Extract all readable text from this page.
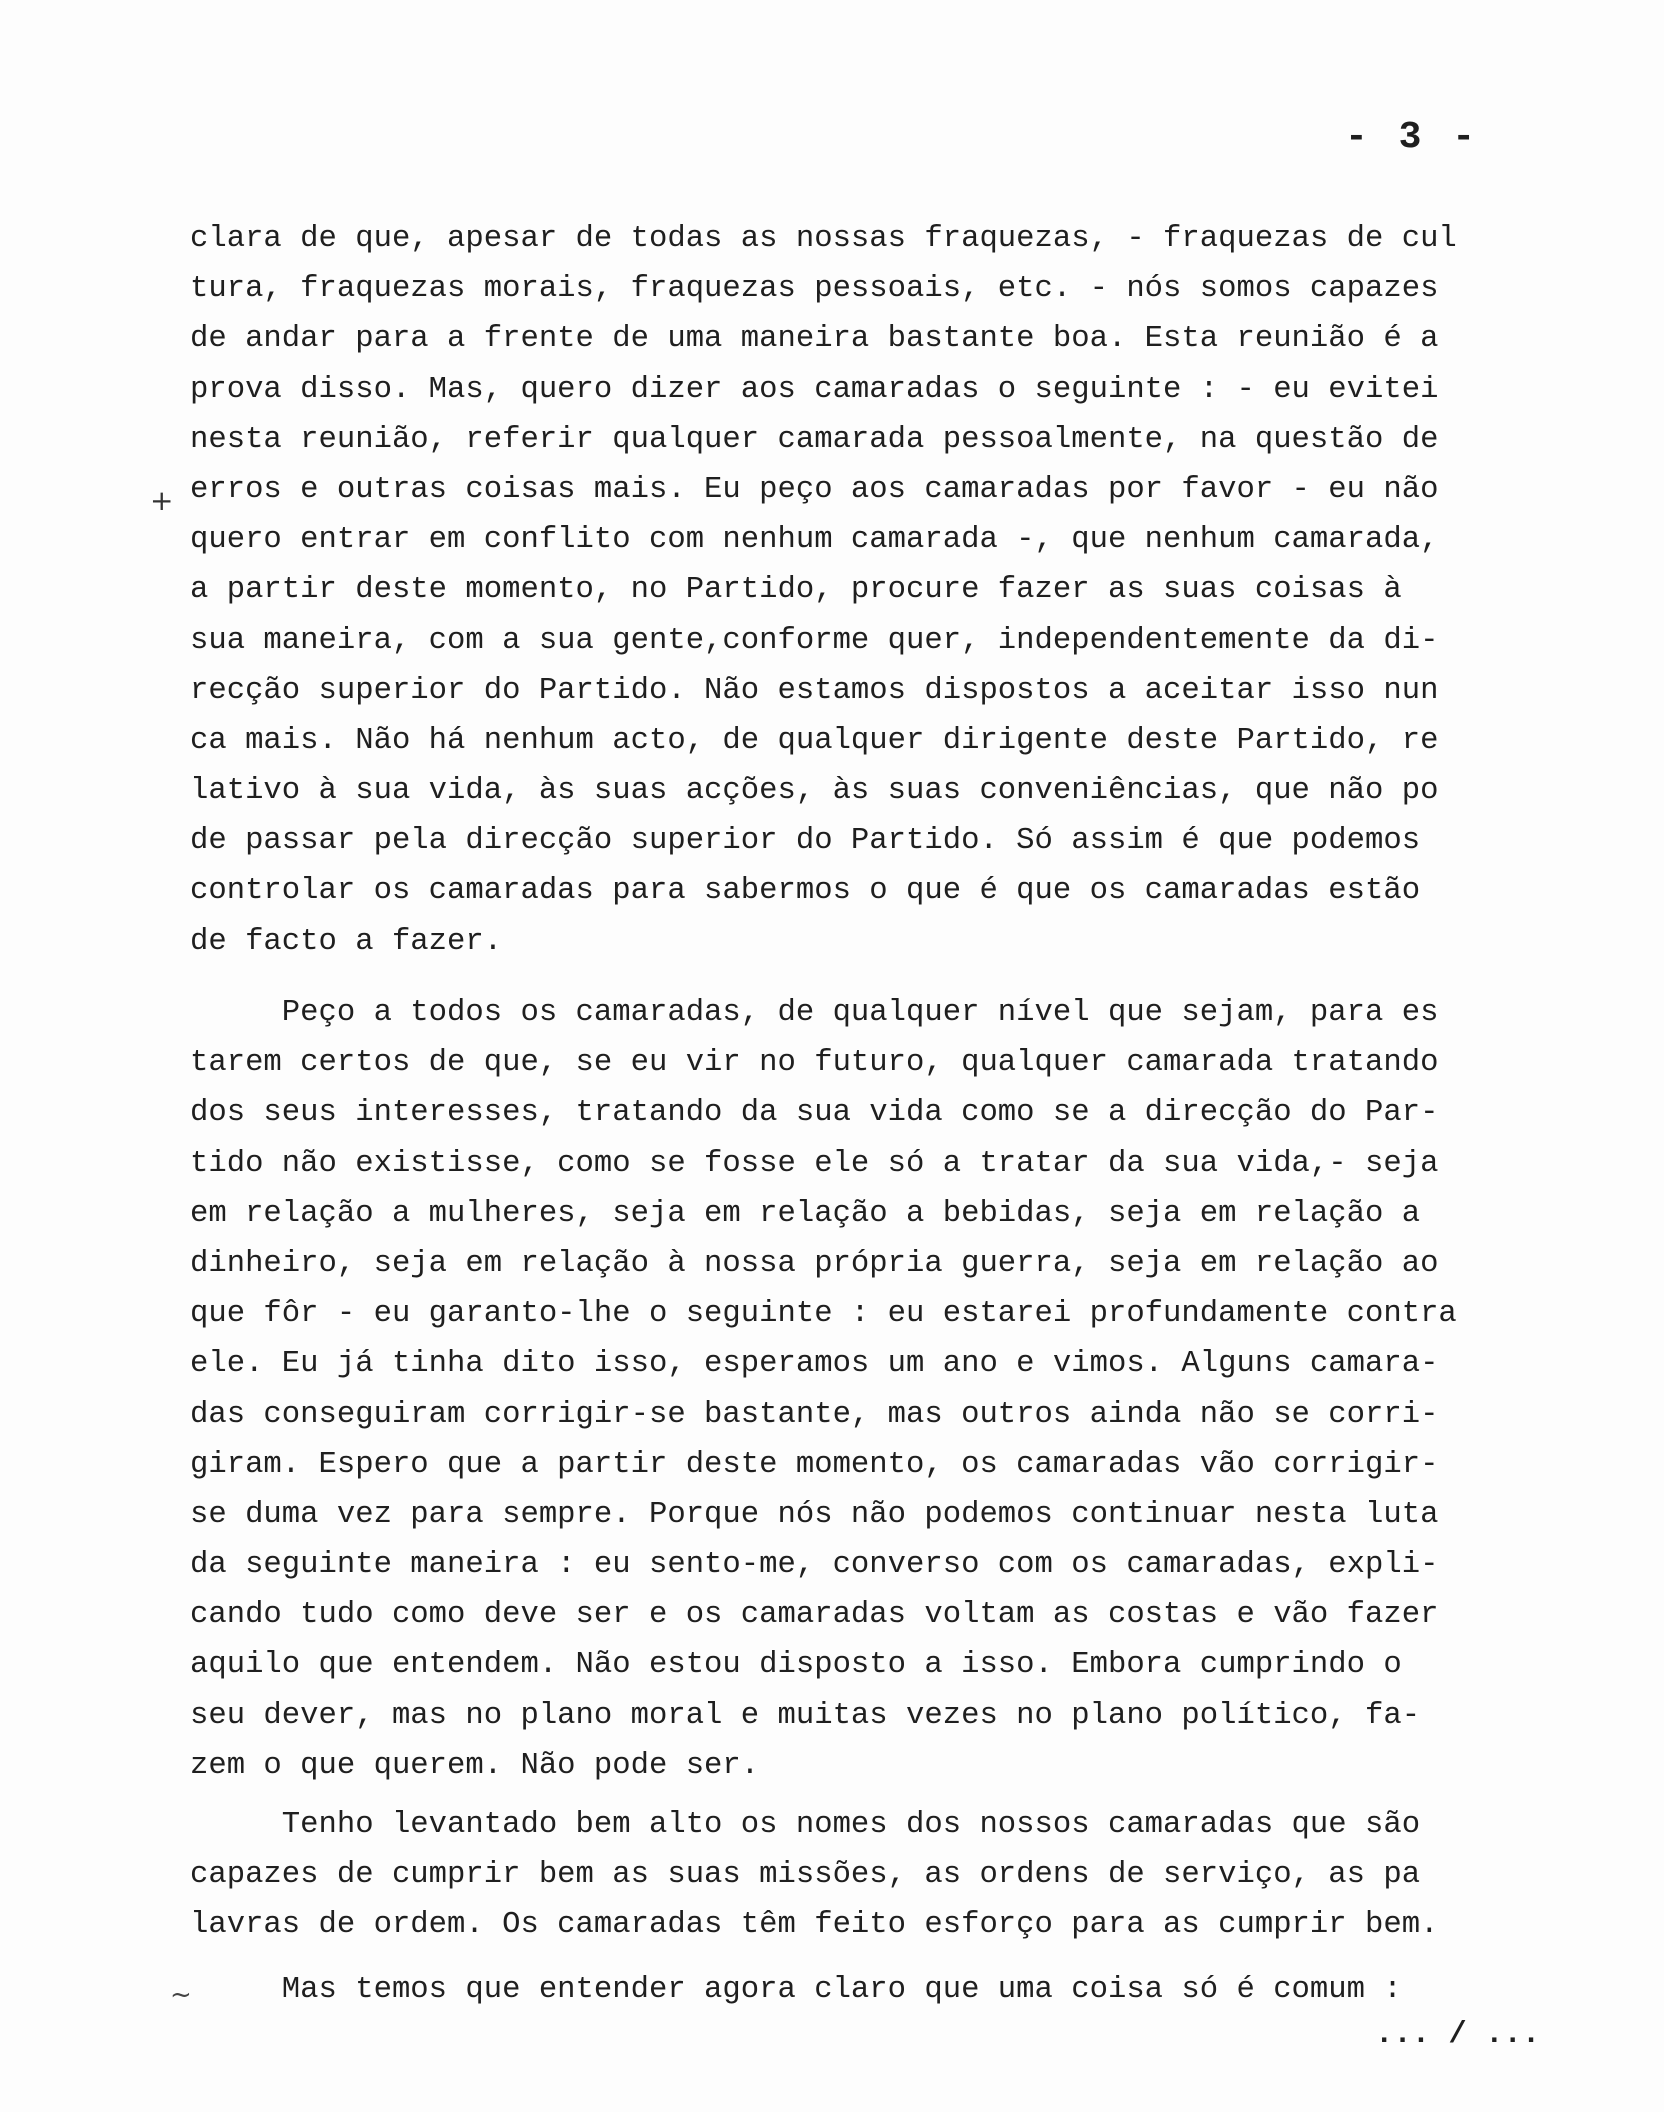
- 3 -
+
~
clara de que, apesar de todas as nossas fraquezas, - fraquezas de cul
tura, fraquezas morais, fraquezas pessoais, etc. - nós somos capazes
de andar para a frente de uma maneira bastante boa. Esta reunião é a
prova disso. Mas, quero dizer aos camaradas o seguinte : - eu evitei
nesta reunião, referir qualquer camarada pessoalmente, na questão de
erros e outras coisas mais. Eu peço aos camaradas por favor - eu não
quero entrar em conflito com nenhum camarada -, que nenhum camarada,
a partir deste momento, no Partido, procure fazer as suas coisas à
sua maneira, com a sua gente,conforme quer, independentemente da di-
recção superior do Partido. Não estamos dispostos a aceitar isso nun
ca mais. Não há nenhum acto, de qualquer dirigente deste Partido, re
lativo à sua vida, às suas acções, às suas conveniências, que não po
de passar pela direcção superior do Partido. Só assim é que podemos
controlar os camaradas para sabermos o que é que os camaradas estão
de facto a fazer.
Peço a todos os camaradas, de qualquer nível que sejam, para es
tarem certos de que, se eu vir no futuro, qualquer camarada tratando
dos seus interesses, tratando da sua vida como se a direcção do Par-
tido não existisse, como se fosse ele só a tratar da sua vida,- seja
em relação a mulheres, seja em relação a bebidas, seja em relação a
dinheiro, seja em relação à nossa própria guerra, seja em relação ao
que fôr - eu garanto-lhe o seguinte : eu estarei profundamente contra
ele. Eu já tinha dito isso, esperamos um ano e vimos. Alguns camara-
das conseguiram corrigir-se bastante, mas outros ainda não se corri-
giram. Espero que a partir deste momento, os camaradas vão corrigir-
se duma vez para sempre. Porque nós não podemos continuar nesta luta
da seguinte maneira : eu sento-me, converso com os camaradas, expli-
cando tudo como deve ser e os camaradas voltam as costas e vão fazer
aquilo que entendem. Não estou disposto a isso. Embora cumprindo o
seu dever, mas no plano moral e muitas vezes no plano político, fa-
zem o que querem. Não pode ser.
Tenho levantado bem alto os nomes dos nossos camaradas que são
capazes de cumprir bem as suas missões, as ordens de serviço, as pa
lavras de ordem. Os camaradas têm feito esforço para as cumprir bem.
Mas temos que entender agora claro que uma coisa só é comum :
... / ...
